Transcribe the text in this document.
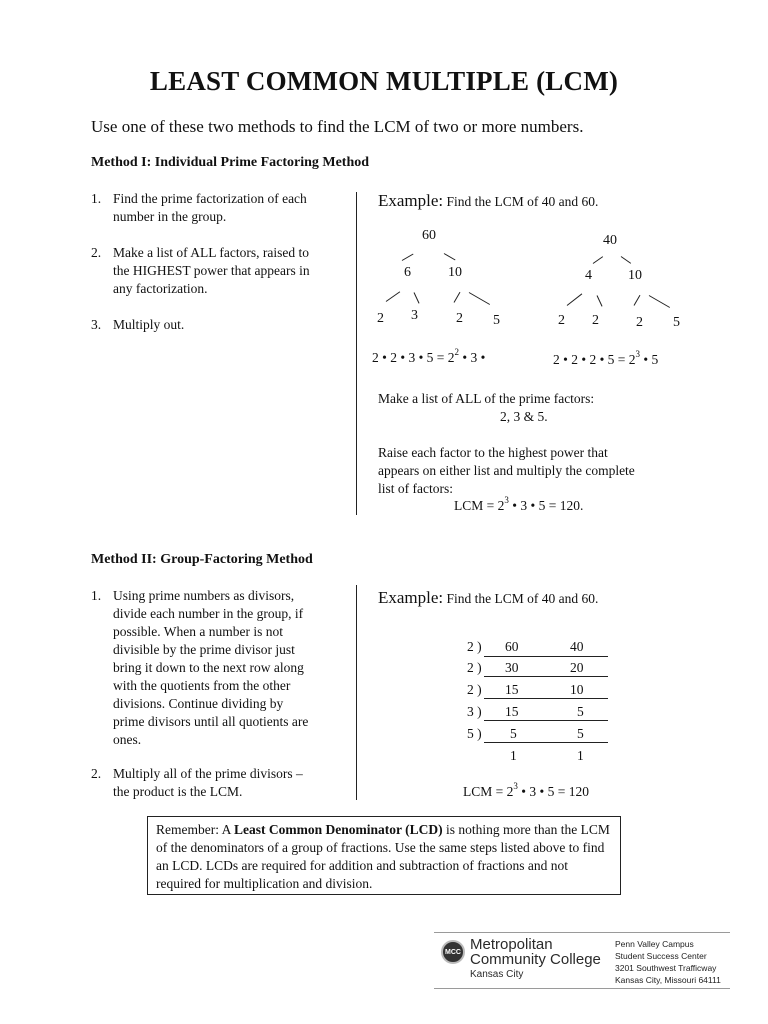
LEAST COMMON MULTIPLE (LCM)
Use one of these two methods to find the LCM of two or more numbers.
Method I: Individual Prime Factoring Method
1. Find the prime factorization of each
number in the group.
2. Make a list of ALL factors, raised to
the HIGHEST power that appears in
any factorization.
3. Multiply out.
Example: Find the LCM of 40 and 60.
60
6	10
2 3	2 5
40
4	10
2 2	2 5
2 • 2 • 3 • $5 = 2^2$ • 3 •	2 • 2 • 2 • $5 = 2^3$ • 5
Make a list of ALL of the prime factors:
2, 3 & 5.
Raise each factor to the highest power that
appears on either list and multiply the complete
list of factors:
LCM = $2^3$ • 3 • 5 = 120.
Method II: Group-Factoring Method
1. Using prime numbers as divisors,
divide each number in the group, if
possible. When a number is not
divisible by the prime divisor just
bring it down to the next row along
with the quotients from the other
divisions. Continue dividing by
prime divisors until all quotients are
ones.
2. Multiply all of the prime divisors –
the product is the LCM.
Example: Find the LCM of 40 and 60.
2 ) 60	40
2 ) 30	20
2 ) 15	10
3 ) 15	5
5 ) 5	5
1	1
LCM = $2^3$ • 3 • 5 = 120
Remember: A Least Common Denominator (LCD) is nothing more than the LCM of the denominators of a group of fractions. Use the same steps listed above to find an LCD. LCDs are required for addition and subtraction of fractions and not required for multiplication and division.
MCC Metropolitan
Community College
Kansas City
Penn Valley Campus
Student Success Center
3201 Southwest Trafficway
Kansas City, Missouri 64111
